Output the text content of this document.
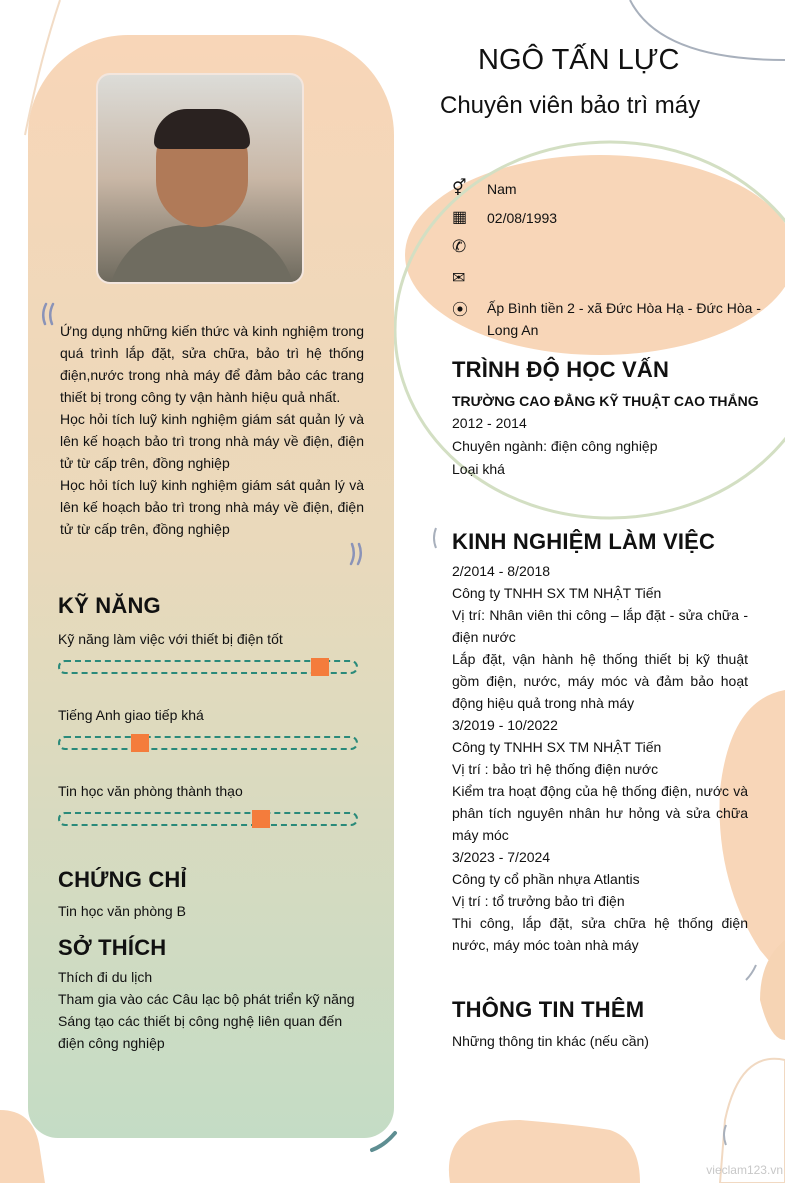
Ứng dụng những kiến thức và kinh nghiệm trong quá trình lắp đặt, sửa chữa, bảo trì hệ thống điện,nước trong nhà máy để đảm bảo các trang thiết bị trong công ty vận hành hiệu quả nhất.

Học hỏi tích luỹ kinh nghiệm giám sát quản lý và lên kế hoạch bảo trì trong nhà máy về điện, điện tử từ cấp trên, đồng nghiệp

Học hỏi tích luỹ kinh nghiệm giám sát quản lý và lên kế hoạch bảo trì trong nhà máy về điện, điện tử từ cấp trên, đồng nghiệp

KỸ NĂNG
Kỹ năng làm việc với thiết bị điện tốt
Tiếng Anh giao tiếp khá
Tin học văn phòng thành thạo
CHỨNG CHỈ
Tin học văn phòng B
SỞ THÍCH

Thích đi du lịch

Tham gia vào các Câu lạc bộ phát triển kỹ năng

Sáng tạo các thiết bị công nghệ liên quan đến điện công nghiệp

NGÔ TẤN LỰC
Chuyên viên bảo trì máy
⚥	Nam
▦	02/08/1993
✆
✉
⦿ Ấp Bình tiền 2 - xã Đức Hòa Hạ - Đức Hòa -
Long An
TRÌNH ĐỘ HỌC VẤN
TRƯỜNG CAO ĐẲNG KỸ THUẬT CAO THẮNG
2012 - 2014
Chuyên ngành: điện công nghiệp
Loại khá
KINH NGHIỆM LÀM VIỆC

2/2014 - 8/2018

Công ty TNHH SX TM NHẬT Tiến

Vị trí: Nhân viên thi công – lắp đặt - sửa chữa - điện nước

Lắp đặt, vận hành hệ thống thiết bị kỹ thuật gồm điện, nước, máy móc và đảm bảo hoạt động hiệu quả trong nhà máy

3/2019 - 10/2022

Công ty TNHH SX TM NHẬT Tiến

Vị trí : bảo trì hệ thống điện nước

Kiểm tra hoạt động của hệ thống điện, nước và phân tích nguyên nhân hư hỏng và sửa chữa máy móc

3/2023 - 7/2024

Công ty cổ phần nhựa Atlantis

Vị trí : tổ trưởng bảo trì điện

Thi công, lắp đặt, sửa chữa hệ thống điện nước, máy móc toàn nhà máy

THÔNG TIN THÊM
Những thông tin khác (nếu cần)
vieclam123.vn
